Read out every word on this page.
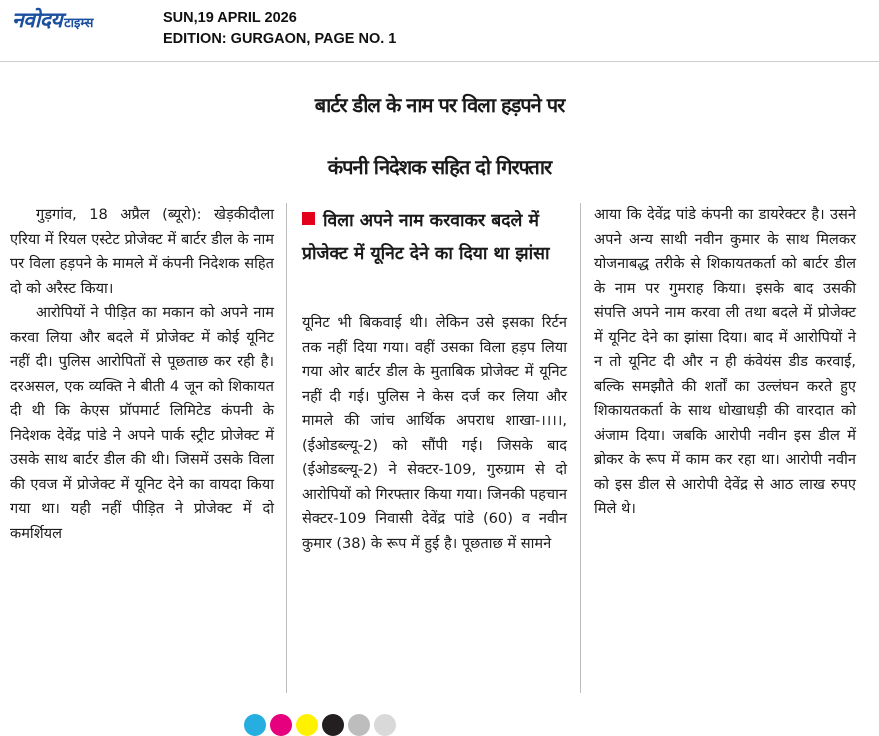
नवोदय टाइम्स	SUN,19 APRIL 2026
EDITION: GURGAON, PAGE NO. 1
बार्टर डील के नाम पर विला हड़पने पर
कंपनी निदेशक सहित दो गिरफ्तार

गुड़गांव, 18 अप्रैल (ब्यूरो): खेड़कीदौला एरिया में रियल एस्टेट प्रोजेक्ट में बार्टर डील के नाम पर विला हड़पने के मामले में कंपनी निदेशक सहित दो को अरैस्ट किया।

आरोपियों ने पीड़ित का मकान को अपने नाम करवा लिया और बदले में प्रोजेक्ट में कोई यूनिट नहीं दी। पुलिस आरोपितों से पूछताछ कर रही है। दरअसल, एक व्यक्ति ने बीती 4 जून को शिकायत दी थी कि केएस प्रॉपमार्ट लिमिटेड कंपनी के निदेशक देवेंद्र पांडे ने अपने पार्क स्ट्रीट प्रोजेक्ट में उसके साथ बार्टर डील की थी। जिसमें उसके विला की एवज में प्रोजेक्ट में यूनिट देने का वायदा किया गया था। यही नहीं पीड़ित ने प्रोजेक्ट में दो कमर्शियल

विला अपने नाम करवाकर बदले में प्रोजेक्ट में यूनिट देने का दिया था झांसा

यूनिट भी बिकवाई थी। लेकिन उसे इसका रिर्टन तक नहीं दिया गया। वहीं उसका विला हड़प लिया गया ओर बार्टर डील के मुताबिक प्रोजेक्ट में यूनिट नहीं दी गई। पुलिस ने केस दर्ज कर लिया और मामले की जांच आर्थिक अपराध शाखा-।।।।, (ईओडब्ल्यू-2) को सौंपी गई। जिसके बाद (ईओडब्ल्यू-2) ने सेक्टर-109, गुरुग्राम से दो आरोपियों को गिरफ्तार किया गया। जिनकी पहचान सेक्टर-109 निवासी देवेंद्र पांडे (60) व नवीन कुमार (38) के रूप में हुई है। पूछताछ में सामने

आया कि देवेंद्र पांडे कंपनी का डायरेक्टर है। उसने अपने अन्य साथी नवीन कुमार के साथ मिलकर योजनाबद्ध तरीके से शिकायतकर्ता को बार्टर डील के नाम पर गुमराह किया। इसके बाद उसकी संपत्ति अपने नाम करवा ली तथा बदले में प्रोजेक्ट में यूनिट देने का झांसा दिया। बाद में आरोपियों ने न तो यूनिट दी और न ही कंवेयंस डीड करवाई, बल्कि समझौते की शर्तों का उल्लंघन करते हुए शिकायतकर्ता के साथ धोखाधड़ी की वारदात को अंजाम दिया। जबकि आरोपी नवीन इस डील में ब्रोकर के रूप में काम कर रहा था। आरोपी नवीन को इस डील से आरोपी देवेंद्र से आठ लाख रुपए मिले थे।
